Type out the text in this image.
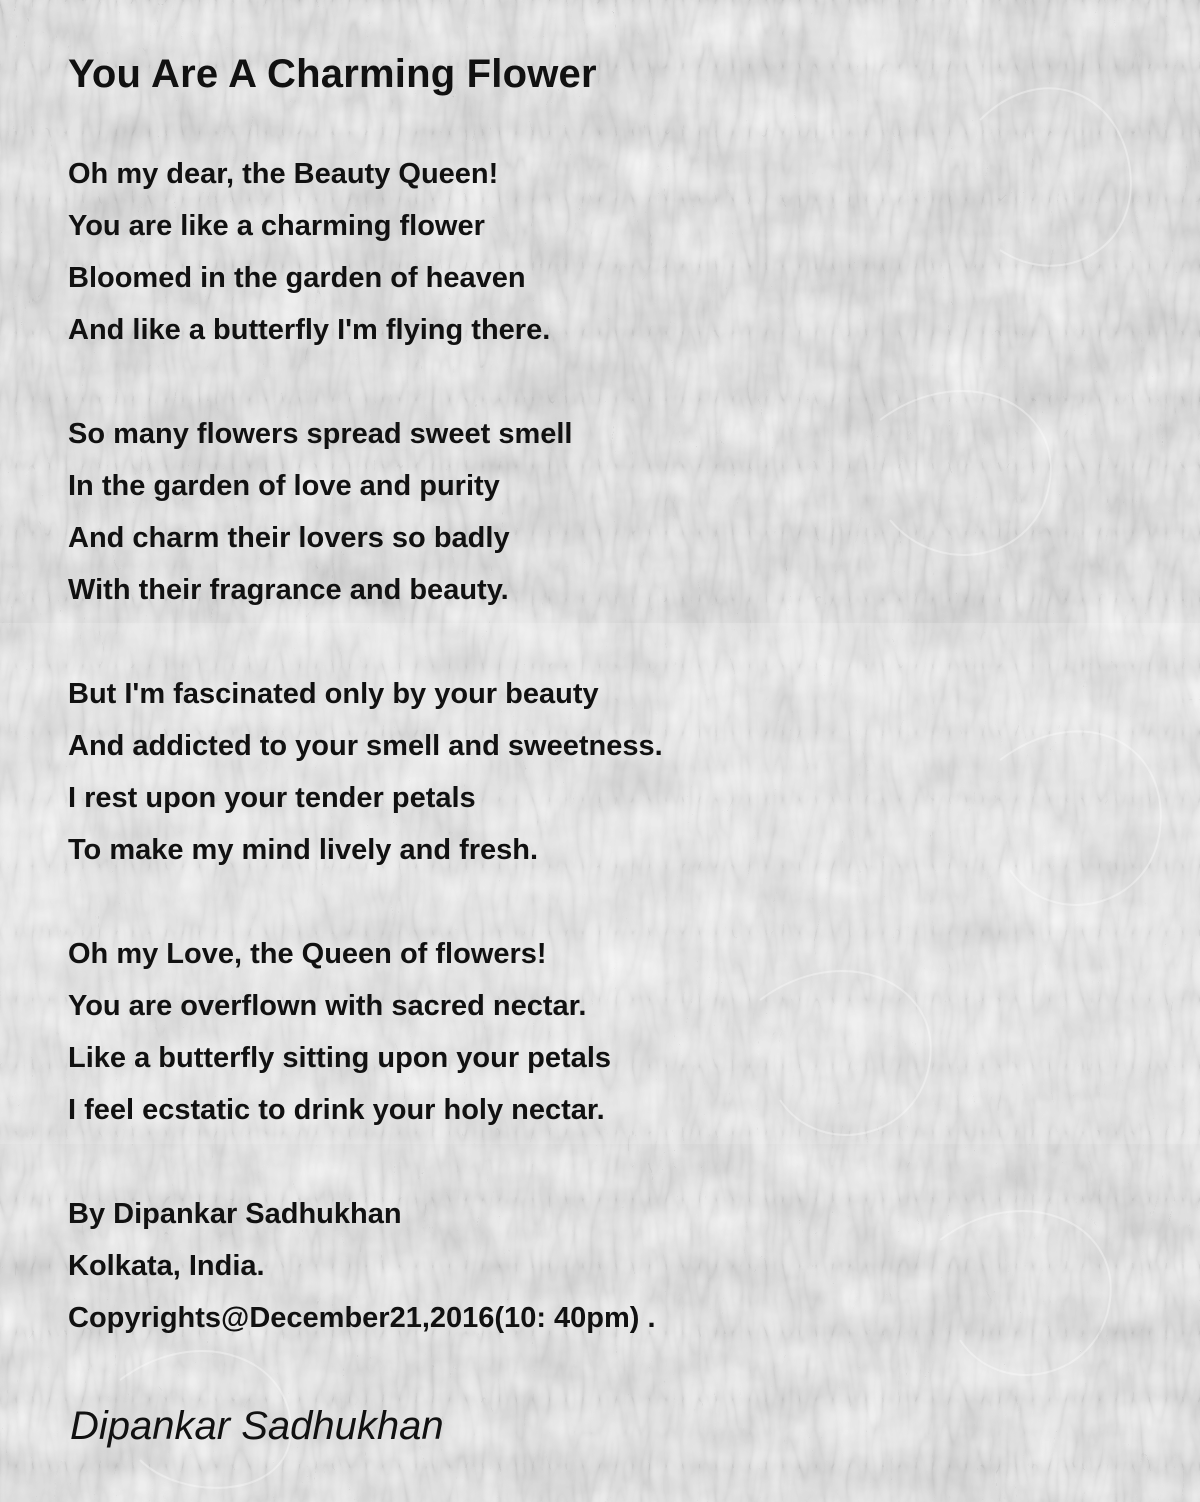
You Are A Charming Flower
Oh my dear, the Beauty Queen!
You are like a charming flower
Bloomed in the garden of heaven
And like a butterfly I'm flying there.
So many flowers spread sweet smell
In the garden of love and purity
And charm their lovers so badly
With their fragrance and beauty.
But I'm fascinated only by your beauty
And addicted to your smell and sweetness.
I rest upon your tender petals
To make my mind lively and fresh.
Oh my Love, the Queen of flowers!
You are overflown with sacred nectar.
Like a butterfly sitting upon your petals
I feel ecstatic to drink your holy nectar.
By Dipankar Sadhukhan
Kolkata, India.
Copyrights@December21,2016(10: 40pm) .
Dipankar Sadhukhan
